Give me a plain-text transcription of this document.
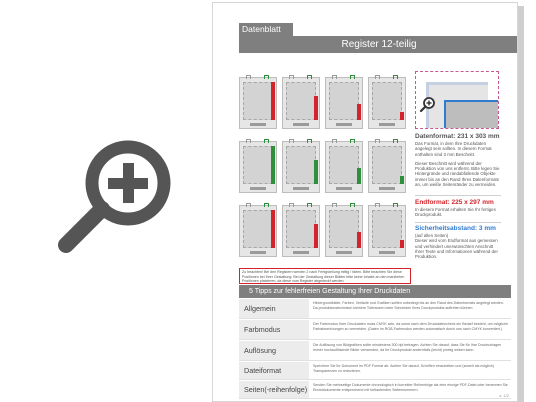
Datenblatt
Register 12-teilig
Datenformat: 231 x 303 mm
Das Format, in dem Ihre Druckdaten angelegt sein sollten. In diesem Format enthalten sind 3 mm Beschnitt.
Dieser Beschnitt wird während der Produktion von uns entfernt. Bitte legen Sie Hintergründe und randabfallende Objekte immer bis an den Rand Ihres Datenformats an, um weiße Seitenränder zu vermeiden.
Endformat: 225 x 297 mm
In diesem Format erhalten Sie Ihr fertiges Druckprodukt.
Sicherheitsabstand: 3 mm
(auf allen Seiten)
Dieser wird vom Endformat aus gemessen und verhindert unerwünschten Anschnitt Ihrer Texte und Informationen während der Produktion.
Zu beachten! Bei den Registern werden 2 nach Fertigstellung mittig / falten. Bitte beachten Sie diese Positionen bei Ihrer Gestaltung. Bei der Gestaltung dieser Blätter bitte keine Inhalte an den markierten Positionen platzieren, da diese vom Register abgedeckt werden.
5 Tipps zur fehlerfreien Gestaltung Ihrer Druckdaten
Allgemein
Hintergrundbilder, Farben, Verläufe und Grafiken sollten unbedingt bis an den Rand des Datenformats angelegt werden. Da produktionstechnisch kleinere Toleranzen beim Schneiden Ihres Druckprodukts auftreten können.
Farbmodus
Der Farbmodus Ihrer Druckdaten muss CMYK sein, da sonst nach dem Druckdatencheck ein Bedarf besteht, um mögliche Farbabweichungen zu vermeiden. (Daten im RGB-Farbmodus werden automatisch durch uns nach CMYK konvertiert.)
Auflösung
Die Auflösung von Bildgrafiken sollte mindestens 300 dpi betragen. Achten Sie darauf, dass Sie für Ihre Druckvorlagen immer hochauflösende Bilder verwenden, da Ihr Druckprodukt andernfalls (leicht) pixelig wirken kann.
Dateiformat	Speichern Sie Ihr Dokument im PDF Format ab. Achten Sie darauf, Schriften einzubetten und (soweit als möglich) Transparenzen zu reduzieren.
Seiten(-reihenfolge)	Senden Sie mehrseitige Dokumente chronologisch in korrekter Reihenfolge als eine einzige PDF-Datei oder benennen Sie Einzeldokumente entsprechend mit fortlaufenden Seitennummern.
s. 1/2
